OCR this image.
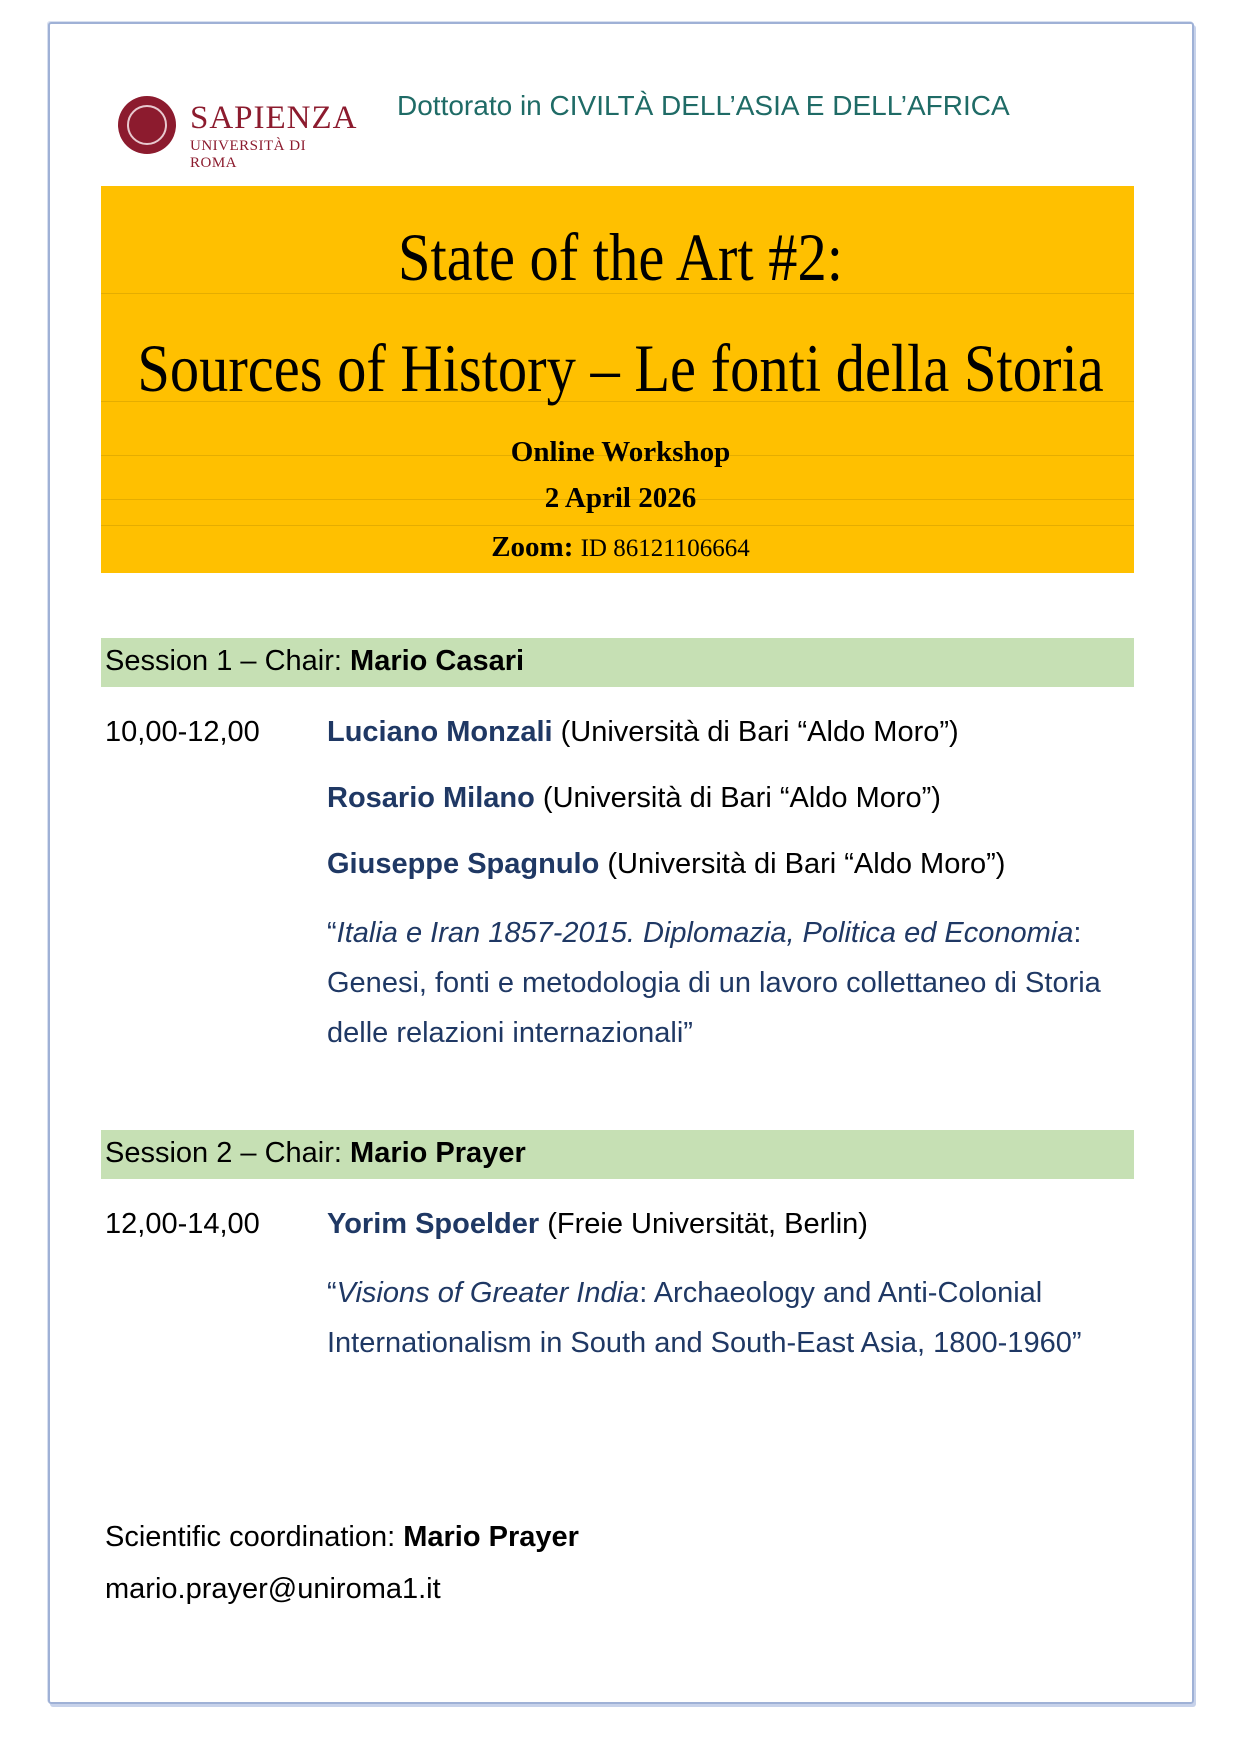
SAPIENZA
UNIVERSITÀ DI ROMA
Dottorato in CIVILTÀ DELL’ASIA E DELL’AFRICA
State of the Art #2:
Sources of History – Le fonti della Storia
Online Workshop
2 April 2026
Zoom: ID 86121106664
Session 1 – Chair: Mario Casari
10,00-12,00 Luciano Monzali (Università di Bari “Aldo Moro”)
Rosario Milano (Università di Bari “Aldo Moro”)
Giuseppe Spagnulo (Università di Bari “Aldo Moro”)
“Italia e Iran 1857-2015. Diplomazia, Politica ed Economia: Genesi, fonti e metodologia di un lavoro collettaneo di Storia delle relazioni internazionali”
Session 2 – Chair: Mario Prayer
12,00-14,00 Yorim Spoelder (Freie Universität, Berlin)
“Visions of Greater India: Archaeology and Anti-Colonial Internationalism in South and South-East Asia, 1800-1960”
Scientific coordination: Mario Prayer
mario.prayer@uniroma1.it
